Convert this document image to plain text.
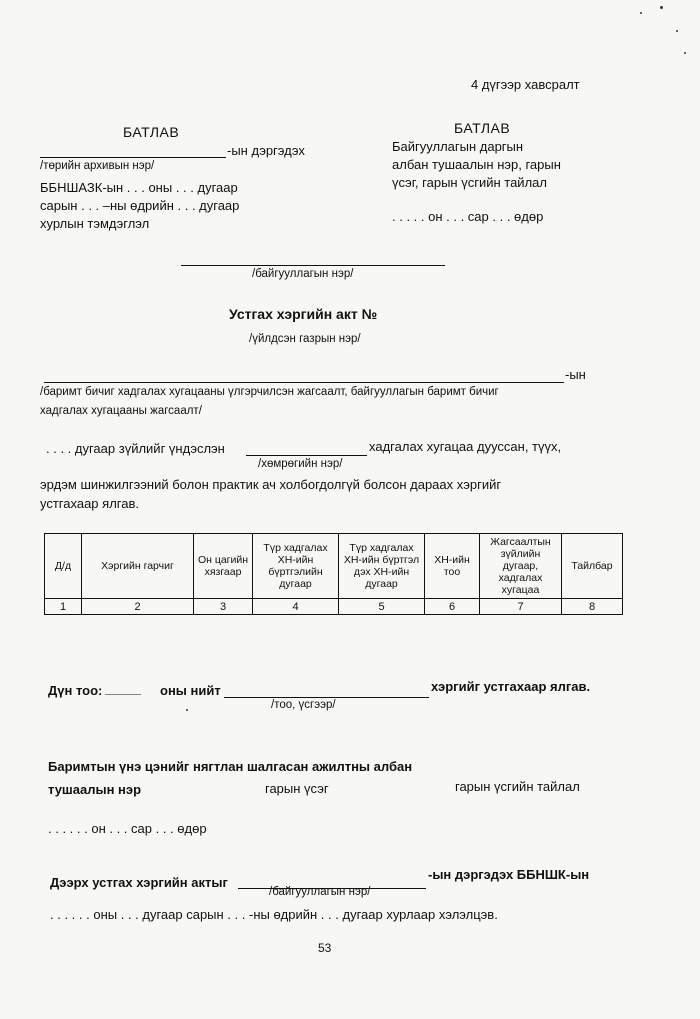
4 дүгээр хавсралт
БАТЛАВ
-ын дэргэдэх
/төрийн архивын нэр/
ББНШАЗК-ын . . . оны . . . дугаар
сарын . . . –ны өдрийн . . . дугаар
хурлын тэмдэглэл
БАТЛАВ
Байгууллагын даргын
албан тушаалын нэр, гарын
үсэг, гарын үсгийн тайлал
. . . . . он . . . сар . . . өдөр
/байгууллагын нэр/
Устгах хэргийн акт №
/үйлдсэн газрын нэр/
-ын
/баримт бичиг хадгалах хугацааны үлгэрчилсэн жагсаалт, байгууллагын баримт бичиг
хадгалах хугацааны жагсаалт/
. . . . дугаар зүйлийг үндэслэн	хадгалах хугацаа дууссан, түүх,
/хөмрөгийн нэр/
эрдэм шинжилгээний болон практик ач холбогдолгүй болсон дараах хэргийг
устгахаар ялгав.
Д/д	Хэргийн гарчиг	Он цагийн хязгаар	Түр хадгалах ХН-ийн бүртгэлийн дугаар	Түр хадгалах ХН-ийн бүртгэл дэх ХН-ийн дугаар	ХН-ийн тоо	Жагсаалтын зүйлийн дугаар, хадгалах хугацаа	Тайлбар
1	2	3	4	5	6	7	8
Дүн тоо: _____ оны нийт	хэргийг устгахаар ялгав.
/тоо, үсгээр/
Баримтын үнэ цэнийг нягтлан шалгасан ажилтны албан
тушаалын нэр	гарын үсэг	гарын үсгийн тайлал
. . . . . . он . . . сар . . . өдөр
Дээрх устгах хэргийн актыг
-ын дэргэдэх ББНШК-ын
/байгууллагын нэр/
. . . . . . оны . . . дугаар сарын . . . -ны өдрийн . . . дугаар хурлаар хэлэлцэв.
53
